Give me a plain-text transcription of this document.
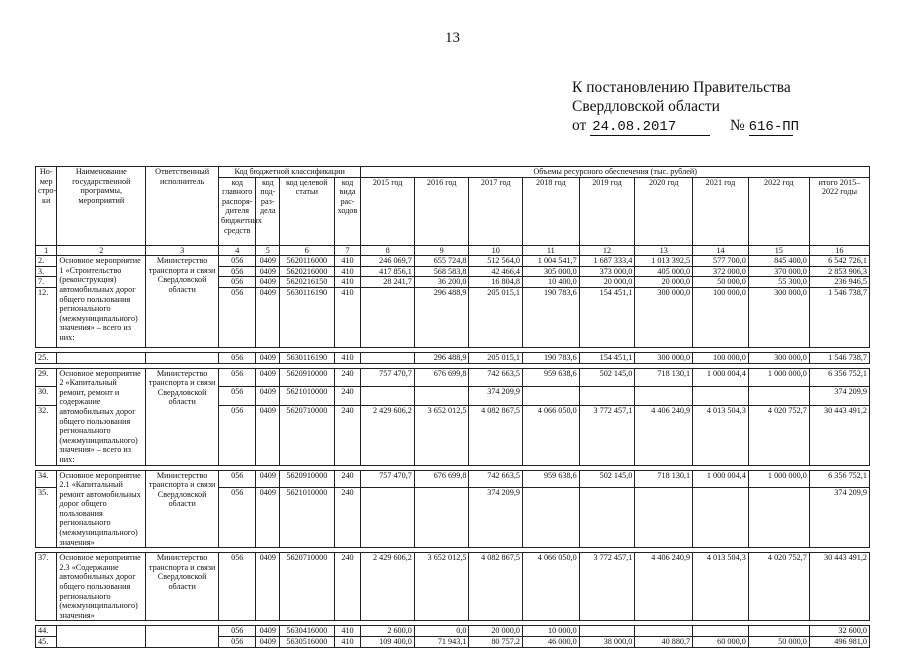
13
К постановлению Правительства
Свердловской области
от 24.08.2017	№ 616-ПП
Но-мер стро-ки	Наименование государственной программы, мероприятий	Ответственный исполнитель	Код бюджетной классификации				Объемы ресурсного обеспечения (тыс. рублей)								
			код главного распоря-дителя бюджетных средств	код под-раз-дела	код целевой статьи	код вида рас-ходов	2015 год	2016 год	2017 год	2018 год	2019 год	2020 год	2021 год	2022 год	итого 2015–2022 годы
1	2	3	4	5	6	7	8	9	10	11	12	13	14	15	16
2.	Основное мероприятие 1 «Строительство (реконструкция) автомобильных дорог общего пользования регионального (межмуниципального) значения» – всего из них:	Министерство транспорта и связи Свердловской области	056	0409	5620116000	410	246 069,7	655 724,8	512 564,0	1 004 541,7	1 687 333,4	1 013 392,5	577 700,0	845 400,0	6 542 726,1
3.			056	0409	5620216000	410	417 856,1	568 583,8	42 466,4	305 000,0	373 000,0	405 000,0	372 000,0	370 000,0	2 853 906,3
7.			056	0409	5620216150	410	28 241,7	36 200,0	16 804,8	10 400,0	20 000,0	20 000,0	50 000,0	55 300,0	236 946,5
12.			056	0409	5630116190	410		296 488,9	205 015,1	190 783,6	154 451,1	300 000,0	100 000,0	300 000,0	1 546 738,7

25.			056	0409	5630116190	410		296 488,9	205 015,1	190 783,6	154 451,1	300 000,0	100 000,0	300 000,0	1 546 738,7

29.	Основное мероприятие 2 «Капитальный ремонт, ремонт и содержание автомобильных дорог общего пользования регионального (межмуниципального) значения» – всего из них:	Министерство транспорта и связи Свердловской области	056	0409	5620910000	240	757 470,7	676 699,8	742 663,5	959 638,6	502 145,0	718 130,1	1 000 004,4	1 000 000,0	6 356 752,1
30.			056	0409	5621010000	240			374 209,9						374 209,9
32.			056	0409	5620710000	240	2 429 606,2	3 652 012,5	4 082 867,5	4 066 050,0	3 772 457,1	4 406 240,9	4 013 504,3	4 020 752,7	30 443 491,2

34.	Основное мероприятие 2.1 «Капитальный ремонт автомобильных дорог общего пользования регионального (межмуниципального) значения»	Министерство транспорта и связи Свердловской области	056	0409	5620910000	240	757 470,7	676 699,8	742 663,5	959 638,6	502 145,0	718 130,1	1 000 004,4	1 000 000,0	6 356 752,1
35.			056	0409	5621010000	240			374 209,9						374 209,9

37.	Основное мероприятие 2.3 «Содержание автомобильных дорог общего пользования регионального (межмуниципального) значения»	Министерство транспорта и связи Свердловской области	056	0409	5620710000	240	2 429 606,2	3 652 012,5	4 082 867,5	4 066 050,0	3 772 457,1	4 406 240,9	4 013 504,3	4 020 752,7	30 443 491,2

44.			056	0409	5630416000	410	2 600,0	0,0	20 000,0	10 000,0					32 600,0
45.			056	0409	5630516000	410	109 400,0	71 943,1	80 757,2	46 000,0	38 000,0	40 880,7	60 000,0	50 000,0	496 981,0
